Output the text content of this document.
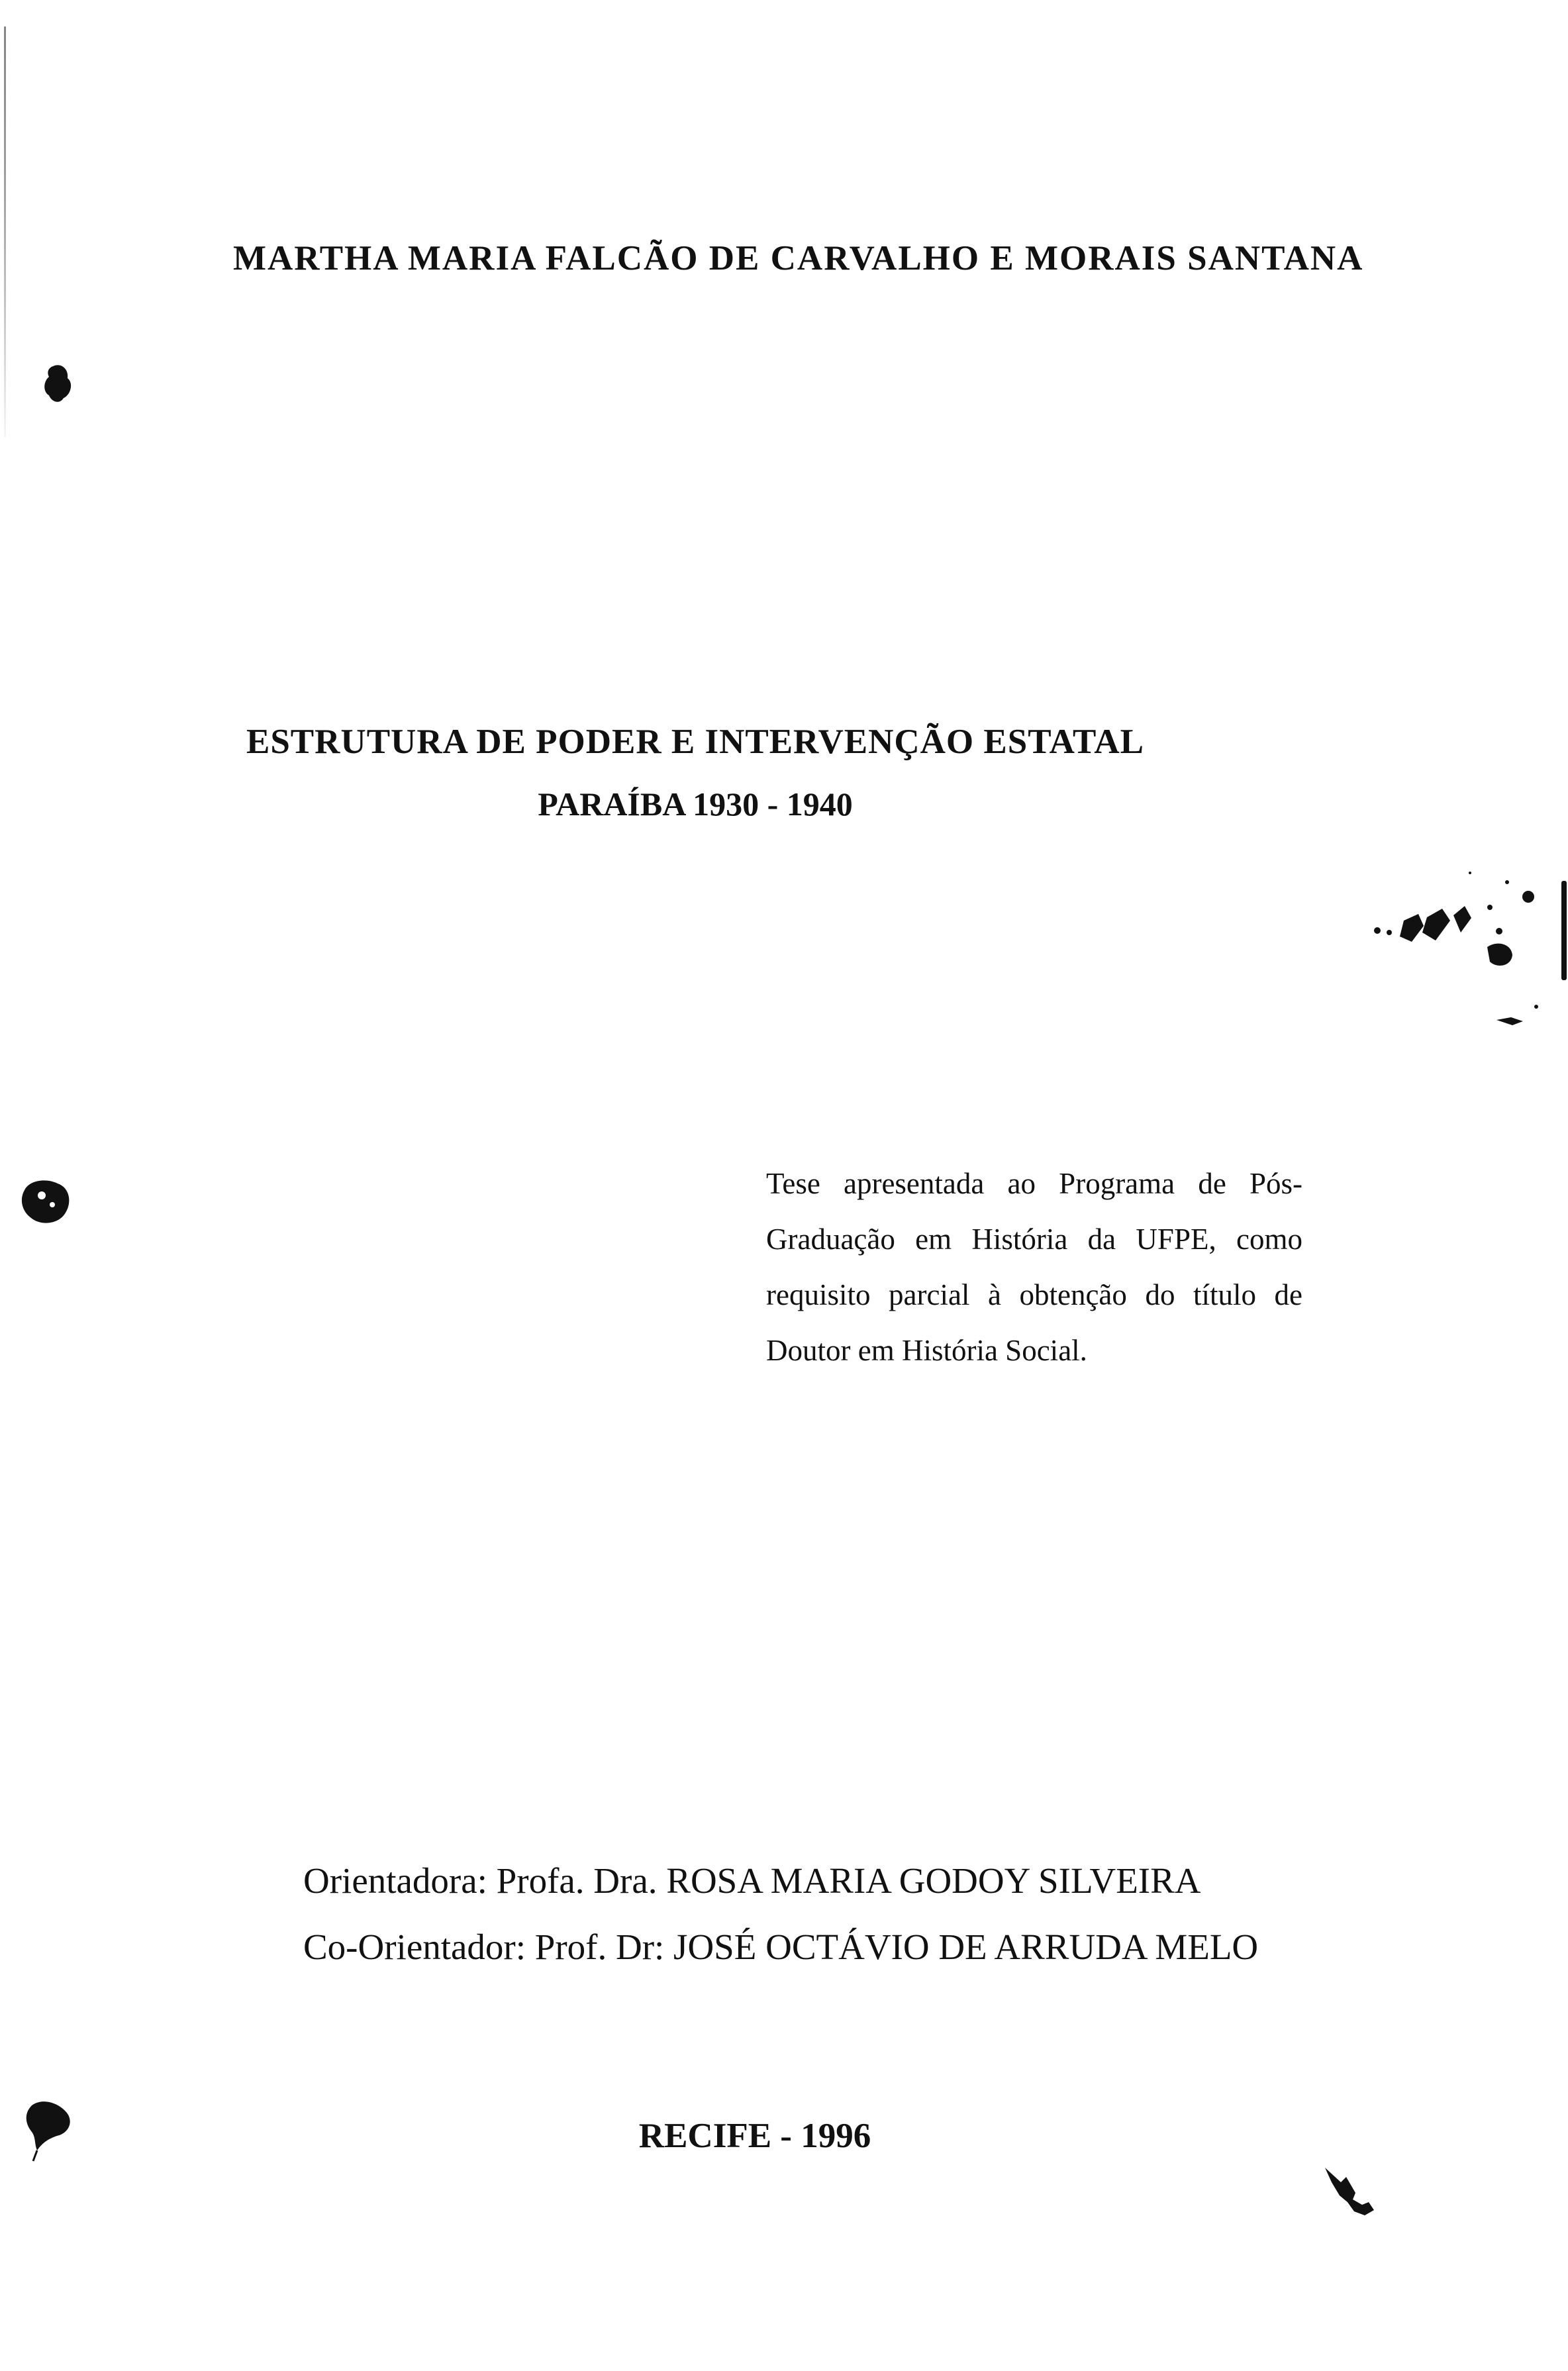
MARTHA MARIA FALCÃO DE CARVALHO E MORAIS SANTANA
ESTRUTURA DE PODER E INTERVENÇÃO ESTATAL
PARAÍBA 1930 - 1940
Tese apresentada ao Programa de Pós-Graduação em História da UFPE, como requisito parcial à obtenção do título de Doutor em História Social.
Orientadora: Profa. Dra. ROSA MARIA GODOY SILVEIRA
Co-Orientador: Prof. Dr: JOSÉ OCTÁVIO DE ARRUDA MELO
RECIFE - 1996
